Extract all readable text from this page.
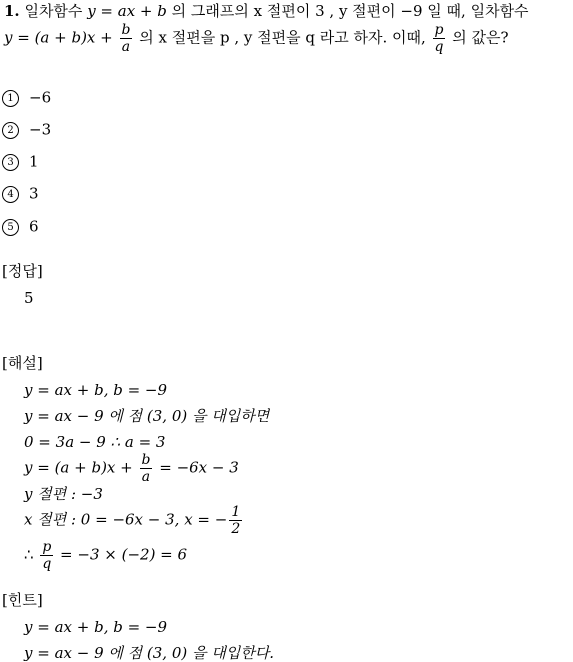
1. 일차함수 y = ax + b 의 그래프의 x 절편이 3 , y 절편이 −9 일 때, 일차함수
$y = (a + b)x + \frac{b}{a}$ 의 x 절편을 p , y 절편을 q 라고 하자. 이때, $\frac{p}{q}$ 의 값은?
1 −6
2 −3
3 1
4 3
5 6
[정답]
5
[해설]
y = ax + b, b = −9
y = ax − 9 에 점 (3, 0) 을 대입하면
0 = 3a − 9 ∴ a = 3
$y = (a + b)x + \frac{b}{a} = -6x - 3$
y 절편 : −3
x 절편 : 0 = −6x − 3, x = − $\frac{1}{2}$
∴ $\frac{p}{q} = -3 \times (-2) = 6$
[힌트]
y = ax + b, b = −9
y = ax − 9 에 점 (3, 0) 을 대입한다.
